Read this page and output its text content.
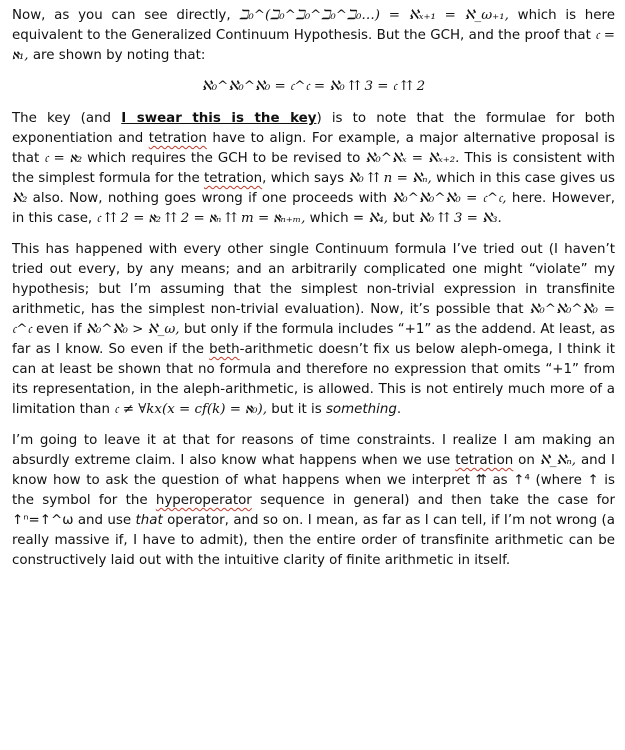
Now, as you can see directly, ℶ₀^(ℶ₀^ℶ₀^ℶ₀^ℶ₀…) = ℵₓ₊₁ = ℵ_ω₊₁, which is here equivalent to the Generalized Continuum Hypothesis. But the GCH, and the proof that 𝔠 = ℵ₁, are shown by noting that:

ℵ₀^ℵ₀^ℵ₀ = 𝔠^𝔠 = ℵ₀ ⇈ 3 = 𝔠 ⇈ 2

The key (and I swear this is the key) is to note that the formulae for both exponentiation and tetration have to align. For example, a major alternative proposal is that 𝔠 = ℵ₂ which requires the GCH to be revised to ℵ₀^ℵₓ = ℵₓ₊₂. This is consistent with the simplest formula for the tetration, which says ℵ₀ ⇈ n = ℵₙ, which in this case gives us ℵ₂ also. Now, nothing goes wrong if one proceeds with ℵ₀^ℵ₀^ℵ₀ = 𝔠^𝔠, here. However, in this case, 𝔠 ⇈ 2 = ℵ₂ ⇈ 2 = ℵₙ ⇈ m = ℵₙ₊ₘ, which = ℵ₄, but ℵ₀ ⇈ 3 = ℵ₃.

This has happened with every other single Continuum formula I’ve tried out (I haven’t tried out every, by any means; and an arbitrarily complicated one might “violate” my hypothesis; but I’m assuming that the simplest non-trivial expression in transfinite arithmetic, has the simplest non-trivial evaluation). Now, it’s possible that ℵ₀^ℵ₀^ℵ₀ = 𝔠^𝔠 even if ℵ₀^ℵ₀ > ℵ_ω, but only if the formula includes “+1” as the addend. At least, as far as I know. So even if the beth-arithmetic doesn’t fix us below aleph-omega, I think it can at least be shown that no formula and therefore no expression that omits “+1” from its representation, in the aleph-arithmetic, is allowed. This is not entirely much more of a limitation than 𝔠 ≠ ∀kx(x = cf(k) = ℵ₀), but it is something.

I’m going to leave it at that for reasons of time constraints. I realize I am making an absurdly extreme claim. I also know what happens when we use tetration on ℵ_ℵₙ, and I know how to ask the question of what happens when we interpret ⇈ as ↑⁴ (where ↑ is the symbol for the hyperoperator sequence in general) and then take the case for ↑ⁿ=↑^ω and use that operator, and so on. I mean, as far as I can tell, if I’m not wrong (a really massive if, I have to admit), then the entire order of transfinite arithmetic can be constructively laid out with the intuitive clarity of finite arithmetic in itself.
